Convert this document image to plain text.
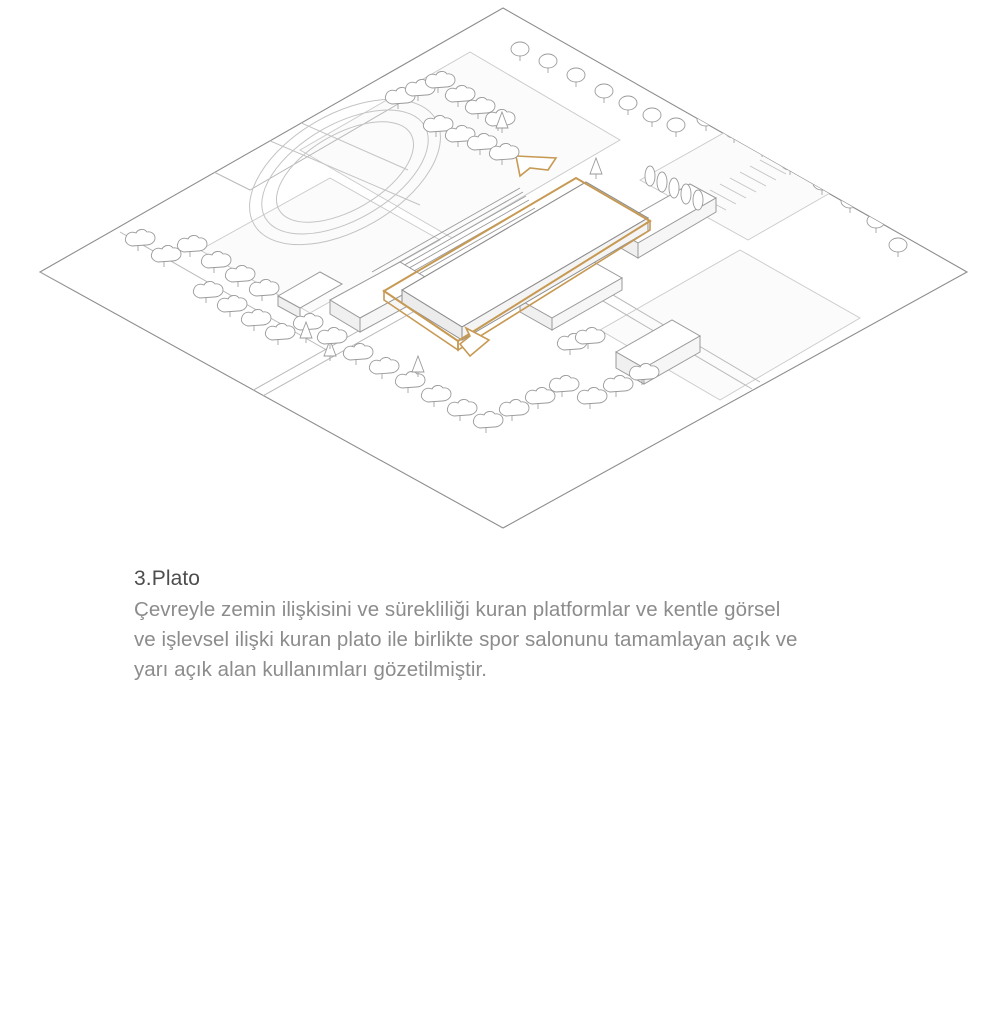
3.Plato
Çevreyle zemin ilişkisini ve sürekliliği kuran platformlar ve kentle görsel ve işlevsel ilişki kuran plato ile birlikte spor salonunu tamamlayan açık ve yarı açık alan kullanımları gözetilmiştir.
